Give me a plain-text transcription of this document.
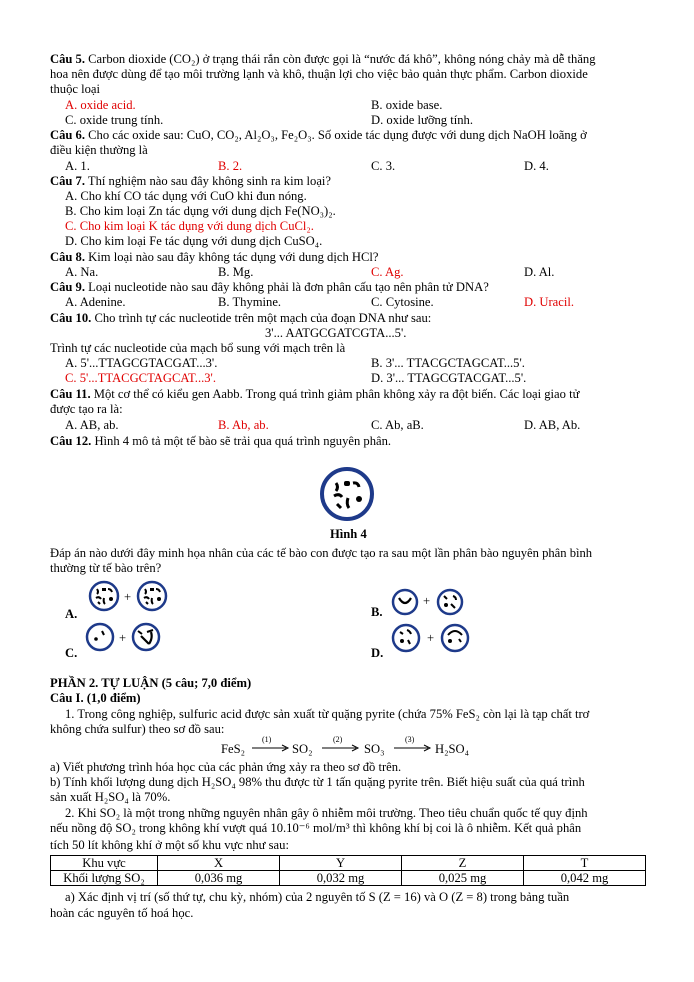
Câu 5. Carbon dioxide (CO₂) ở trạng thái rắn còn được gọi là “nước đá khô”, không nóng chảy mà dễ thăng
hoa nên được dùng để tạo môi trường lạnh và khô, thuận lợi cho việc bảo quản thực phẩm. Carbon dioxide
thuộc loại
A. oxide acid.	B. oxide base.
C. oxide trung tính.	D. oxide lưỡng tính.
Câu 6. Cho các oxide sau: CuO, CO₂, Al₂O₃, Fe₂O₃. Số oxide tác dụng được với dung dịch NaOH loãng ở
điều kiện thường là
A. 1.	B. 2.	C. 3.	D. 4.
Câu 7. Thí nghiệm nào sau đây không sinh ra kim loại?
A. Cho khí CO tác dụng với CuO khi đun nóng.
B. Cho kim loại Zn tác dụng với dung dịch Fe(NO₃)₂.
C. Cho kim loại K tác dụng với dung dịch CuCl₂.
D. Cho kim loại Fe tác dụng với dung dịch CuSO₄.
Câu 8. Kim loại nào sau đây không tác dụng với dung dịch HCl?
A. Na.	B. Mg.	C. Ag.	D. Al.
Câu 9. Loại nucleotide nào sau đây không phải là đơn phân cấu tạo nên phân tử DNA?
A. Adenine.	B. Thymine.	C. Cytosine.	D. Uracil.
Câu 10. Cho trình tự các nucleotide trên một mạch của đoạn DNA như sau:
3'... AATGCGATCGTA...5'.
Trình tự các nucleotide của mạch bổ sung với mạch trên là
A. 5'...TTAGCGTACGAT...3'.	B. 3'... TTACGCTAGCAT...5'.
C. 5'...TTACGCTAGCAT...3'.	D. 3'... TTAGCGTACGAT...5'.
Câu 11. Một cơ thể có kiểu gen Aabb. Trong quá trình giảm phân không xảy ra đột biến. Các loại giao tử
được tạo ra là:
A. AB, ab.	B. Ab, ab.	C. Ab, aB.	D. AB, Ab.
Câu 12. Hình 4 mô tả một tế bào sẽ trải qua quá trình nguyên phân.
Hình 4
Đáp án nào dưới đây minh họa nhân của các tế bào con được tạo ra sau một lần phân bào nguyên phân bình
thường từ tế bào trên?
A.
+
B.
+
C.
+
D.
+
PHẦN 2. TỰ LUẬN (5 câu; 7,0 điểm)
Câu I. (1,0 điểm)
1. Trong công nghiệp, sulfuric acid được sản xuất từ quặng pyrite (chứa 75% FeS₂ còn lại là tạp chất trơ
không chứa sulfur) theo sơ đồ sau:
FeS₂
(1)
SO₂
(2)
SO₃
(3)
H₂SO₄
a) Viết phương trình hóa học của các phản ứng xảy ra theo sơ đồ trên.
b) Tính khối lượng dung dịch H₂SO₄ 98% thu được từ 1 tấn quặng pyrite trên. Biết hiệu suất của quá trình
sản xuất H₂SO₄ là 70%.
2. Khi SO₂ là một trong những nguyên nhân gây ô nhiễm môi trường. Theo tiêu chuẩn quốc tế quy định
nếu nồng độ SO₂ trong không khí vượt quá 10.10⁻⁶ mol/m³ thì không khí bị coi là ô nhiễm. Kết quả phân
tích 50 lít không khí ở một số khu vực như sau:
Khu vực	X	Y	Z	T
Khối lượng SO₂	0,036 mg	0,032 mg	0,025 mg	0,042 mg
a) Xác định vị trí (số thứ tự, chu kỳ, nhóm) của 2 nguyên tố S (Z = 16) và O (Z = 8) trong bảng tuần
hoàn các nguyên tố hoá học.
